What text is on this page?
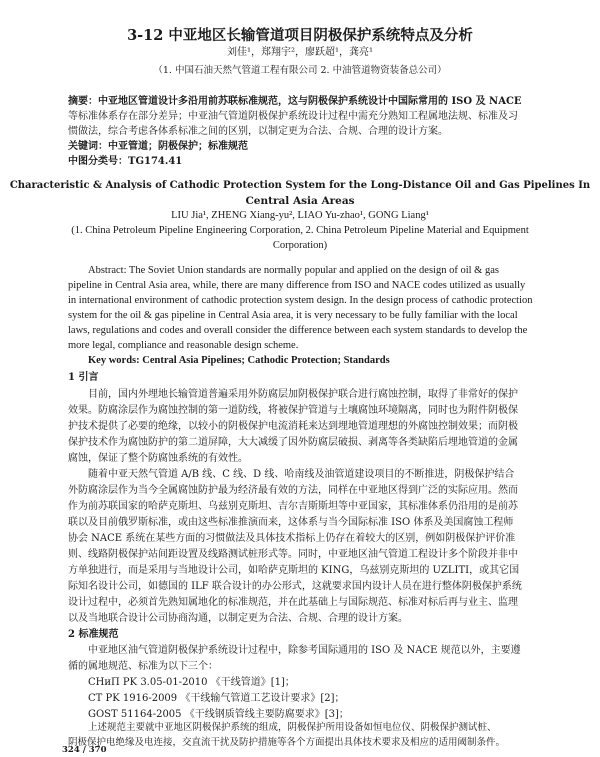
3-12 中亚地区长输管道项目阴极保护系统特点及分析
刘佳¹，郑翔宇²，廖跃超¹，龚亮¹
（1. 中国石油天然气管道工程有限公司 2. 中油管道物资装备总公司）
摘要：中亚地区管道设计多沿用前苏联标准规范，这与阴极保护系统设计中国际常用的 ISO 及 NACE
等标准体系存在部分差异；中亚油气管道阴极保护系统设计过程中需充分熟知工程属地法规、标准及习
惯做法，综合考虑各体系标准之间的区别，以制定更为合法、合规、合理的设计方案。
关键词：中亚管道；阴极保护；标准规范
中图分类号：TG174.41
Characteristic & Analysis of Cathodic Protection System for the Long-Distance Oil and Gas Pipelines In
Central Asia Areas
LIU Jia¹, ZHENG Xiang-yu², LIAO Yu-zhao¹, GONG Liang¹
(1. China Petroleum Pipeline Engineering Corporation, 2. China Petroleum Pipeline Material and Equipment
Corporation)
Abstract: The Soviet Union standards are normally popular and applied on the design of oil & gas
pipeline in Central Asia area, while, there are many difference from ISO and NACE codes utilized as usually
in international environment of cathodic protection system design. In the design process of cathodic protection
system for the oil & gas pipeline in Central Asia area, it is very necessary to be fully familiar with the local
laws, regulations and codes and overall consider the difference between each system standards to develop the
more legal, compliance and reasonable design scheme.
Key words: Central Asia Pipelines; Cathodic Protection; Standards
1 引言
目前，国内外埋地长输管道普遍采用外防腐层加阴极保护联合进行腐蚀控制，取得了非常好的保护
效果。防腐涂层作为腐蚀控制的第一道防线，将被保护管道与土壤腐蚀环境隔离，同时也为附件阴极保
护技术提供了必要的绝缘，以较小的阴极保护电流消耗来达到埋地管道理想的外腐蚀控制效果；而阴极
保护技术作为腐蚀防护的第二道屏障，大大减缓了因外防腐层破损、剥离等各类缺陷后埋地管道的金属
腐蚀，保证了整个防腐蚀系统的有效性。
随着中亚天然气管道 A/B 线、C 线、D 线、哈南线及油管道建设项目的不断推进，阴极保护结合
外防腐涂层作为当今全属腐蚀防护最为经济最有效的方法，同样在中亚地区得到广泛的实际应用。然而
作为前苏联国家的哈萨克斯坦、乌兹别克斯坦、吉尔吉斯斯坦等中亚国家，其标准体系仍沿用的是前苏
联以及目前俄罗斯标准，或由这些标准推演而来，这体系与当今国际标准 ISO 体系及美国腐蚀工程师
协会 NACE 系统在某些方面的习惯做法及具体技术指标上仍存在着较大的区别，例如阴极保护评价准
则、线路阴极保护站间距设置及线路测试桩形式等。同时，中亚地区油气管道工程设计多个阶段并非中
方单独进行，而是采用与当地设计公司，如哈萨克斯坦的 KING，乌兹别克斯坦的 UZLITI，或其它国
际知名设计公司，如德国的 ILF 联合设计的办公形式，这就要求国内设计人员在进行整体阴极保护系统
设计过程中，必须首先熟知属地化的标准规范，并在此基础上与国际规范、标准对标后再与业主、监理
以及当地联合设计公司协商沟通，以制定更为合法、合规、合理的设计方案。
2 标准规范
中亚地区油气管道阴极保护系统设计过程中，除参考国际通用的 ISO 及 NACE 规范以外，主要遵
循的属地规范、标准为以下三个：
CHиП PK 3.05-01-2010 《干线管道》[1]；
CT PK 1916-2009 《干线输气管道工艺设计要求》[2]；
GOST 51164-2005 《干线钢质管线主要防腐要求》[3]；
上述规范主要就中亚地区阴极保护系统的组成，阴极保护所用设备如恒电位仪、阴极保护测试桩、
阴极保护电绝缘及电连接，交直流干扰及防护措施等各个方面提出具体技术要求及相应的适用阈制条件。
324 / 370
